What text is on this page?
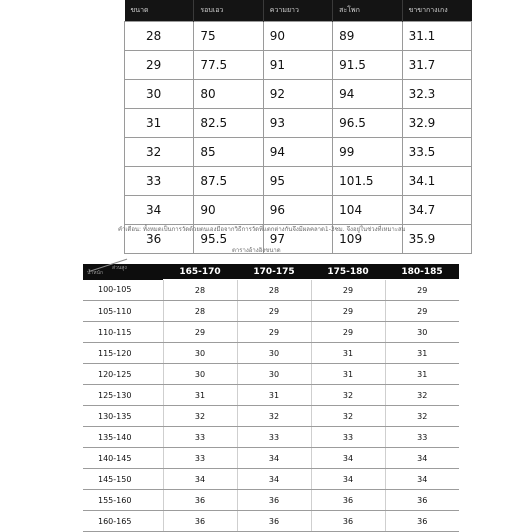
ขนาด	รอบเอว	ความยาว	สะโพก	ขาขากางเกง
28	75	90	89	31.1
29	77.5	91	91.5	31.7
30	80	92	94	32.3
31	82.5	93	96.5	32.9
32	85	94	99	33.5
33	87.5	95	101.5	34.1
34	90	96	104	34.7
36	95.5	97	109	35.9
คำเตือน: ทั้งหมดเป็นการวัดด้วยตนเองมือจากวิธีการวัดที่แตกต่างกันจึงมีผลคลาด1-3ซม. จึงอยู่ในช่วงที่เหมาะสม
ตารางอ้างอิงขนาด
น้ำหนัก
ส่วนสูง	165-170	170-175	175-180	180-185
100-105	28	28	29	29
105-110	28	29	29	29
110-115	29	29	29	30
115-120	30	30	31	31
120-125	30	30	31	31
125-130	31	31	32	32
130-135	32	32	32	32
135-140	33	33	33	33
140-145	33	34	34	34
145-150	34	34	34	34
155-160	36	36	36	36
160-165	36	36	36	36
